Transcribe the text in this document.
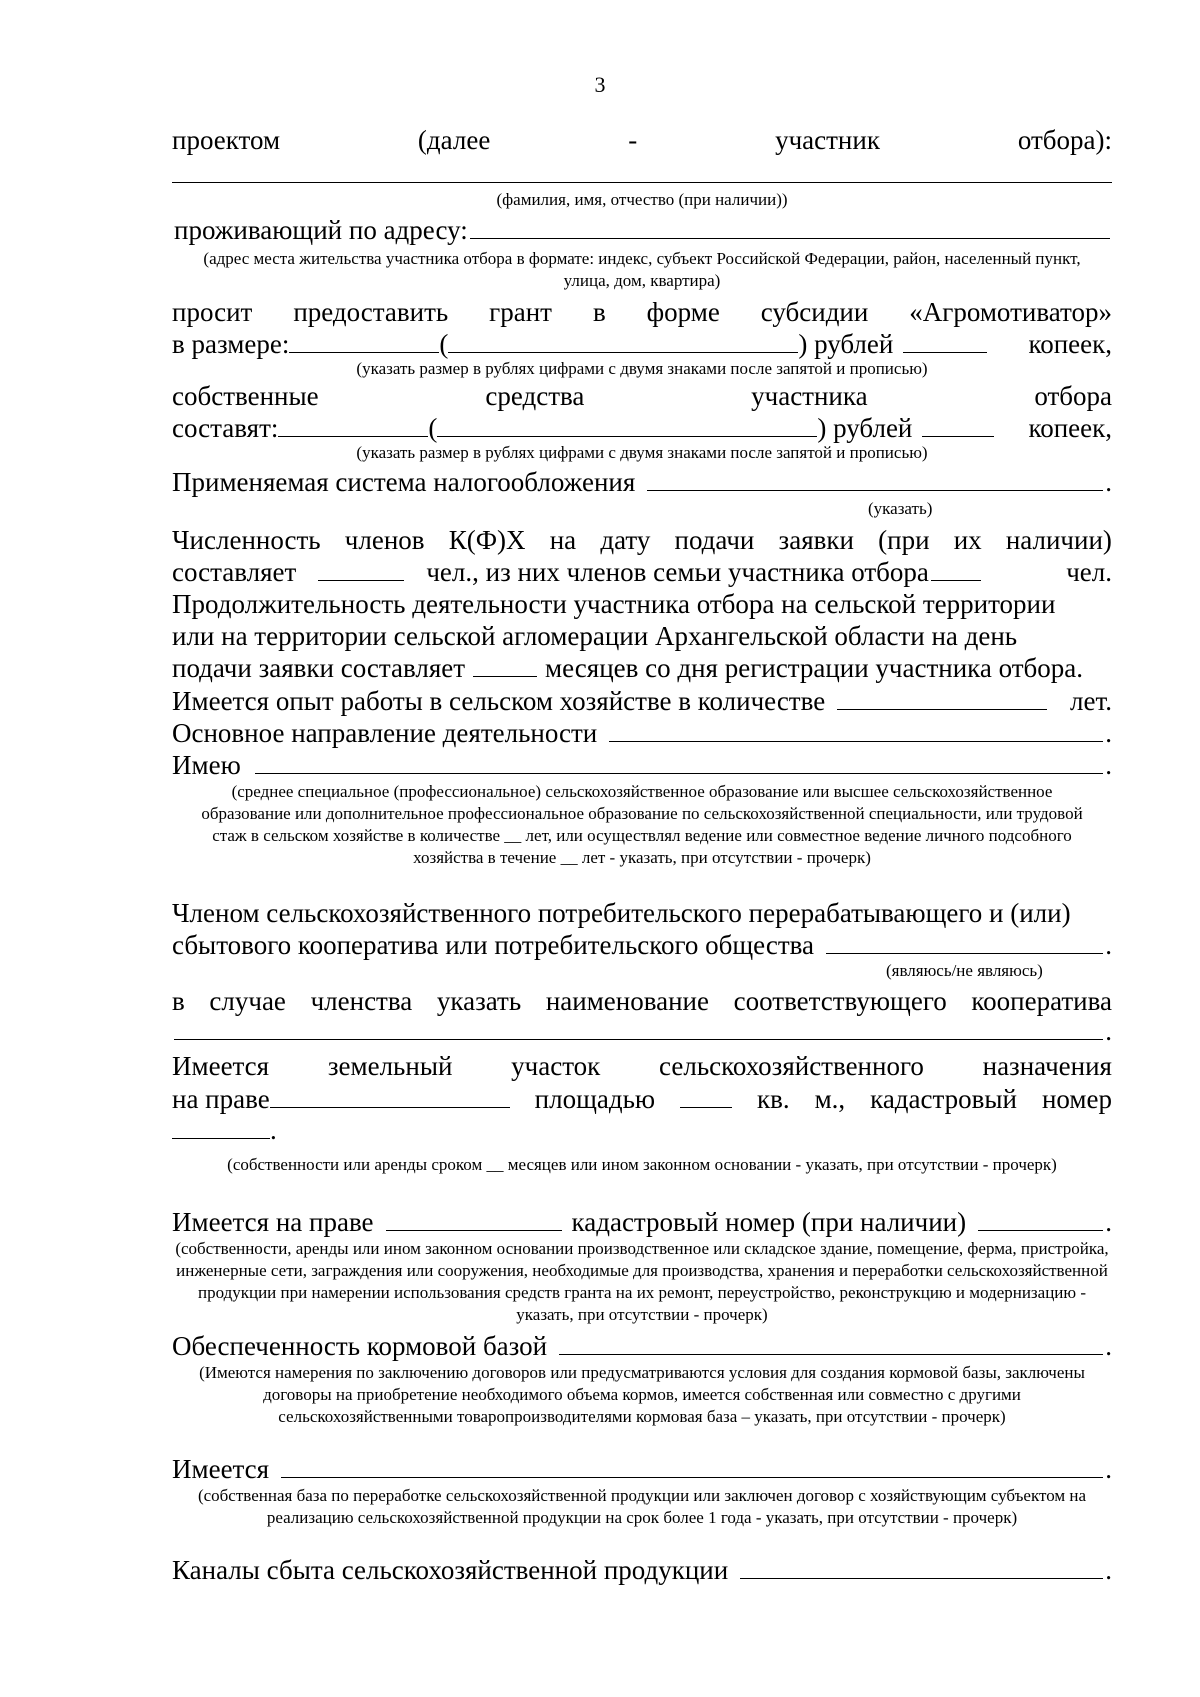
3
проектом	(далее	-	участник	отбора):
(фамилия, имя, отчество (при наличии))
проживающий по адресу:
(адрес места жительства участника отбора в формате: индекс, субъект Российской Федерации, район, населенный пункт, улица, дом, квартира)
просит предоставить грант в форме субсидии «Агромотиватор»
в размере:	(	) рублей	копеек,
(указать размер в рублях цифрами с двумя знаками после запятой и прописью)
собственные	средства	участника	отбора
составят:	(	) рублей	копеек,
(указать размер в рублях цифрами с двумя знаками после запятой и прописью)
Применяемая система налогообложения	.
(указать)
Численность членов К(Ф)Х на дату подачи заявки (при их наличии)
составляет	чел., из них членов семьи участника отбора	чел.
Продолжительность деятельности участника отбора на сельской территории
или на территории сельской агломерации Архангельской области на день
подачи заявки составляет	месяцев со дня регистрации участника отбора.
Имеется опыт работы в сельском хозяйстве в количестве	лет.
Основное направление деятельности	.
Имею	.
(среднее специальное (профессиональное) сельскохозяйственное образование или высшее сельскохозяйственное образование или дополнительное профессиональное образование по сельскохозяйственной специальности, или трудовой стаж в сельском хозяйстве в количестве __ лет, или осуществлял ведение или совместное ведение личного подсобного хозяйства в течение __ лет - указать, при отсутствии - прочерк)
Членом сельскохозяйственного потребительского перерабатывающего и (или)
сбытового кооператива или потребительского общества	.
(являюсь/не являюсь)
в случае членства указать наименование соответствующего кооператива
.
Имеется земельный участок сельскохозяйственного назначения
на праве	площадью	кв. м., кадастровый номер
.
(собственности или аренды сроком __ месяцев или ином законном основании - указать, при отсутствии - прочерк)
Имеется на праве	кадастровый номер (при наличии)	.
(собственности, аренды или ином законном основании производственное или складское здание, помещение, ферма, пристройка, инженерные сети, заграждения или сооружения, необходимые для производства, хранения и переработки сельскохозяйственной продукции при намерении использования средств гранта на их ремонт, переустройство, реконструкцию и модернизацию - указать, при отсутствии - прочерк)
Обеспеченность кормовой базой	.
(Имеются намерения по заключению договоров или предусматриваются условия для создания кормовой базы, заключены договоры на приобретение необходимого объема кормов, имеется собственная или совместно с другими сельскохозяйственными товаропроизводителями кормовая база – указать, при отсутствии - прочерк)
Имеется	.
(собственная база по переработке сельскохозяйственной продукции или заключен договор с хозяйствующим субъектом на реализацию сельскохозяйственной продукции на срок более 1 года - указать, при отсутствии - прочерк)
Каналы сбыта сельскохозяйственной продукции	.
